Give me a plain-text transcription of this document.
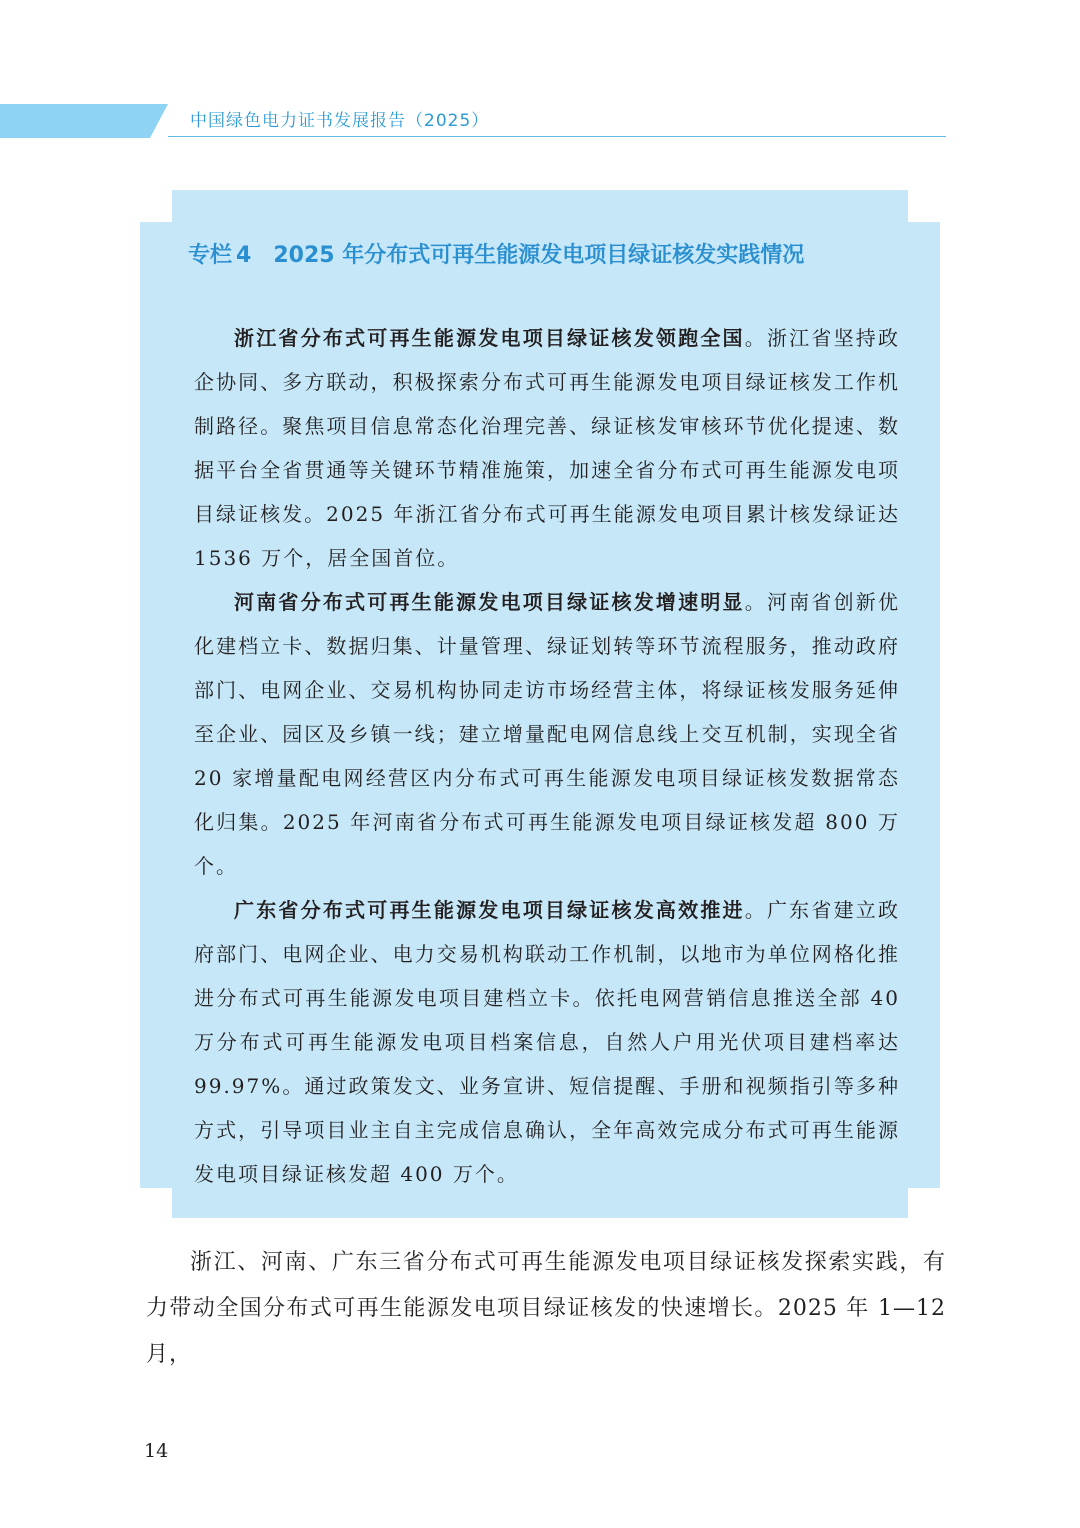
中国绿色电力证书发展报告（2025）
专栏 4 2025 年分布式可再生能源发电项目绿证核发实践情况

浙江省分布式可再生能源发电项目绿证核发领跑全国。浙江省坚持政企协同、多方联动，积极探索分布式可再生能源发电项目绿证核发工作机制路径。聚焦项目信息常态化治理完善、绿证核发审核环节优化提速、数据平台全省贯通等关键环节精准施策，加速全省分布式可再生能源发电项目绿证核发。2025 年浙江省分布式可再生能源发电项目累计核发绿证达 1536 万个，居全国首位。

河南省分布式可再生能源发电项目绿证核发增速明显。河南省创新优化建档立卡、数据归集、计量管理、绿证划转等环节流程服务，推动政府部门、电网企业、交易机构协同走访市场经营主体，将绿证核发服务延伸至企业、园区及乡镇一线；建立增量配电网信息线上交互机制，实现全省 20 家增量配电网经营区内分布式可再生能源发电项目绿证核发数据常态化归集。2025 年河南省分布式可再生能源发电项目绿证核发超 800 万个。

广东省分布式可再生能源发电项目绿证核发高效推进。广东省建立政府部门、电网企业、电力交易机构联动工作机制，以地市为单位网格化推进分布式可再生能源发电项目建档立卡。依托电网营销信息推送全部 40 万分布式可再生能源发电项目档案信息，自然人户用光伏项目建档率达 99.97%。通过政策发文、业务宣讲、短信提醒、手册和视频指引等多种方式，引导项目业主自主完成信息确认，全年高效完成分布式可再生能源发电项目绿证核发超 400 万个。

浙江、河南、广东三省分布式可再生能源发电项目绿证核发探索实践，有力带动全国分布式可再生能源发电项目绿证核发的快速增长。2025 年 1—12 月，

14
